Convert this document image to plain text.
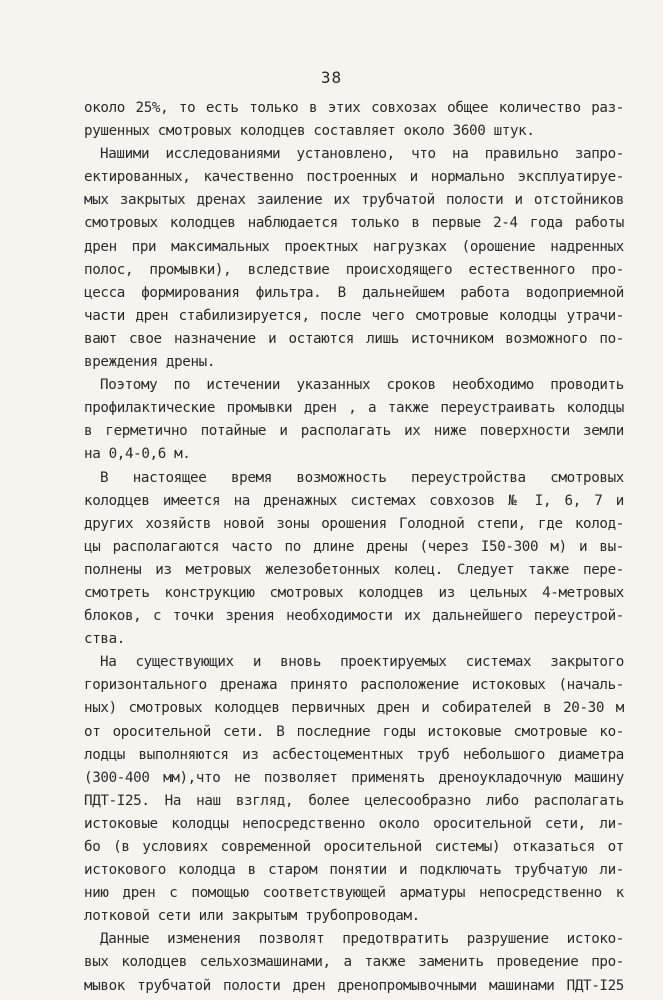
38
около 25%, то есть только в этих совхозах общее количество раз-
рушенных смотровых колодцев составляет около 3600 штук.
Нашими исследованиями установлено, что на правильно запро-
ектированных, качественно построенных и нормально эксплуатируе-
мых закрытых дренах заиление их трубчатой полости и отстойников
смотровых колодцев наблюдается только в первые 2-4 года работы
дрен при максимальных проектных нагрузках (орошение надренных
полос, промывки), вследствие происходящего естественного про-
цесса формирования фильтра. В дальнейшем работа водоприемной
части дрен стабилизируется, после чего смотровые колодцы утрачи-
вают свое назначение и остаются лишь источником возможного по-
вреждения дрены.
Поэтому по истечении указанных сроков необходимо проводить
профилактические промывки дрен , а также переустраивать колодцы
в герметично потайные и располагать их ниже поверхности земли
на 0,4-0,6 м.
В настоящее время возможность переустройства смотровых
колодцев имеется на дренажных системах совхозов № I, 6, 7 и
других хозяйств новой зоны орошения Голодной степи, где колод-
цы располагаются часто по длине дрены (через I50-300 м) и вы-
полнены из метровых железобетонных колец. Следует также пере-
смотреть конструкцию смотровых колодцев из цельных 4-метровых
блоков, с точки зрения необходимости их дальнейшего переустрой-
ства.
На существующих и вновь проектируемых системах закрытого
горизонтального дренажа принято расположение истоковых (началь-
ных) смотровых колодцев первичных дрен и собирателей в 20-30 м
от оросительной сети. В последние годы истоковые смотровые ко-
лодцы выполняются из асбестоцементных труб небольшого диаметра
(300-400 мм),что не позволяет применять дреноукладочную машину
ПДТ-I25. На наш взгляд, более целесообразно либо располагать
истоковые колодцы непосредственно около оросительной сети, ли-
бо (в условиях современной оросительной системы) отказаться от
истокового колодца в старом понятии и подключать трубчатую ли-
нию дрен с помощью соответствующей арматуры непосредственно к
лотковой сети или закрытым трубопроводам.
Данные изменения позволят предотвратить разрушение истоко-
вых колодцев сельхозмашинами, а также заменить проведение про-
мывок трубчатой полости дрен дренопромывочными машинами ПДТ-I25
